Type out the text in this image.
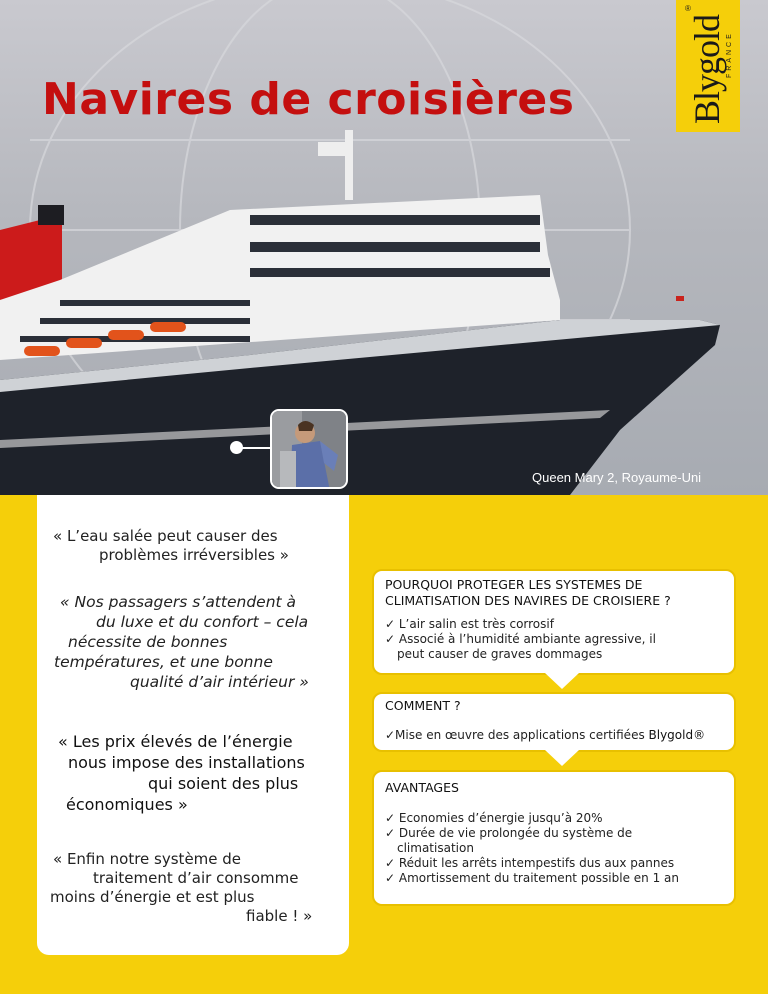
Navires de croisières	Blygold FRANCE
®
Queen Mary 2, Royaume-Uni
« L’eau salée peut causer des
problèmes irréversibles »
« Nos passagers s’attendent à
du luxe et du confort – cela
nécessite de bonnes
températures, et une bonne
qualité d’air intérieur »
« Les prix élevés de l’énergie
nous impose des installations
qui soient des plus
économiques »
« Enfin notre système de
traitement d’air consomme
moins d’énergie et est plus
fiable ! »
POURQUOI PROTEGER LES SYSTEMES DE
CLIMATISATION DES NAVIRES DE CROISIERE ?
✓ L’air salin est très corrosif
✓ Associé à l’humidité ambiante agressive, il
peut causer de graves dommages
COMMENT ?
✓Mise en œuvre des applications certifiées Blygold®
AVANTAGES
✓ Economies d’énergie jusqu’à 20%
✓ Durée de vie prolongée du système de
climatisation
✓ Réduit les arrêts intempestifs dus aux pannes
✓ Amortissement du traitement possible en 1 an
